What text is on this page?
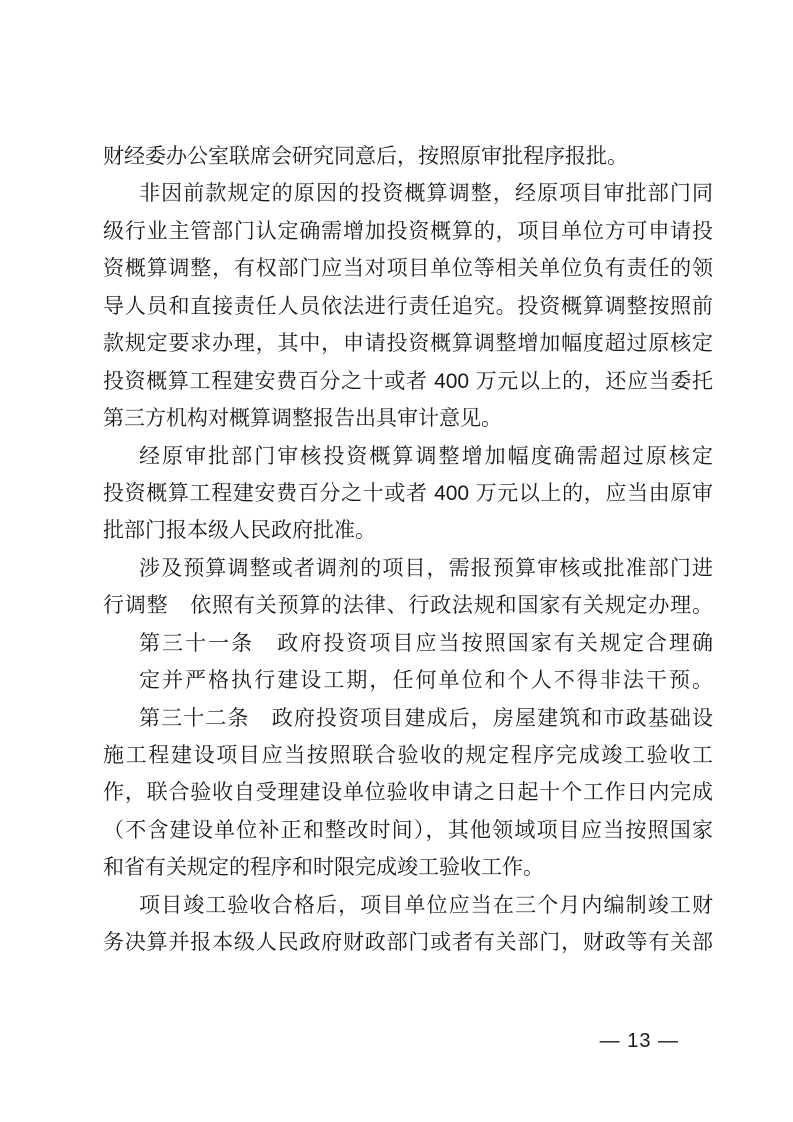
财经委办公室联席会研究同意后，按照原审批程序报批。

非因前款规定的原因的投资概算调整，经原项目审批部门同

级行业主管部门认定确需增加投资概算的，项目单位方可申请投

资概算调整，有权部门应当对项目单位等相关单位负有责任的领

导人员和直接责任人员依法进行责任追究。投资概算调整按照前

款规定要求办理，其中，申请投资概算调整增加幅度超过原核定

投资概算工程建安费百分之十或者 400 万元以上的，还应当委托

第三方机构对概算调整报告出具审计意见。

经原审批部门审核投资概算调整增加幅度确需超过原核定

投资概算工程建安费百分之十或者 400 万元以上的，应当由原审

批部门报本级人民政府批准。

涉及预算调整或者调剂的项目，需报预算审核或批准部门进

行调整　依照有关预算的法律、行政法规和国家有关规定办理。

第三十一条　政府投资项目应当按照国家有关规定合理确

定并严格执行建设工期，任何单位和个人不得非法干预。

第三十二条　政府投资项目建成后，房屋建筑和市政基础设

施工程建设项目应当按照联合验收的规定程序完成竣工验收工

作，联合验收自受理建设单位验收申请之日起十个工作日内完成

（不含建设单位补正和整改时间），其他领域项目应当按照国家

和省有关规定的程序和时限完成竣工验收工作。

项目竣工验收合格后，项目单位应当在三个月内编制竣工财

务决算并报本级人民政府财政部门或者有关部门，财政等有关部

— 13 —
